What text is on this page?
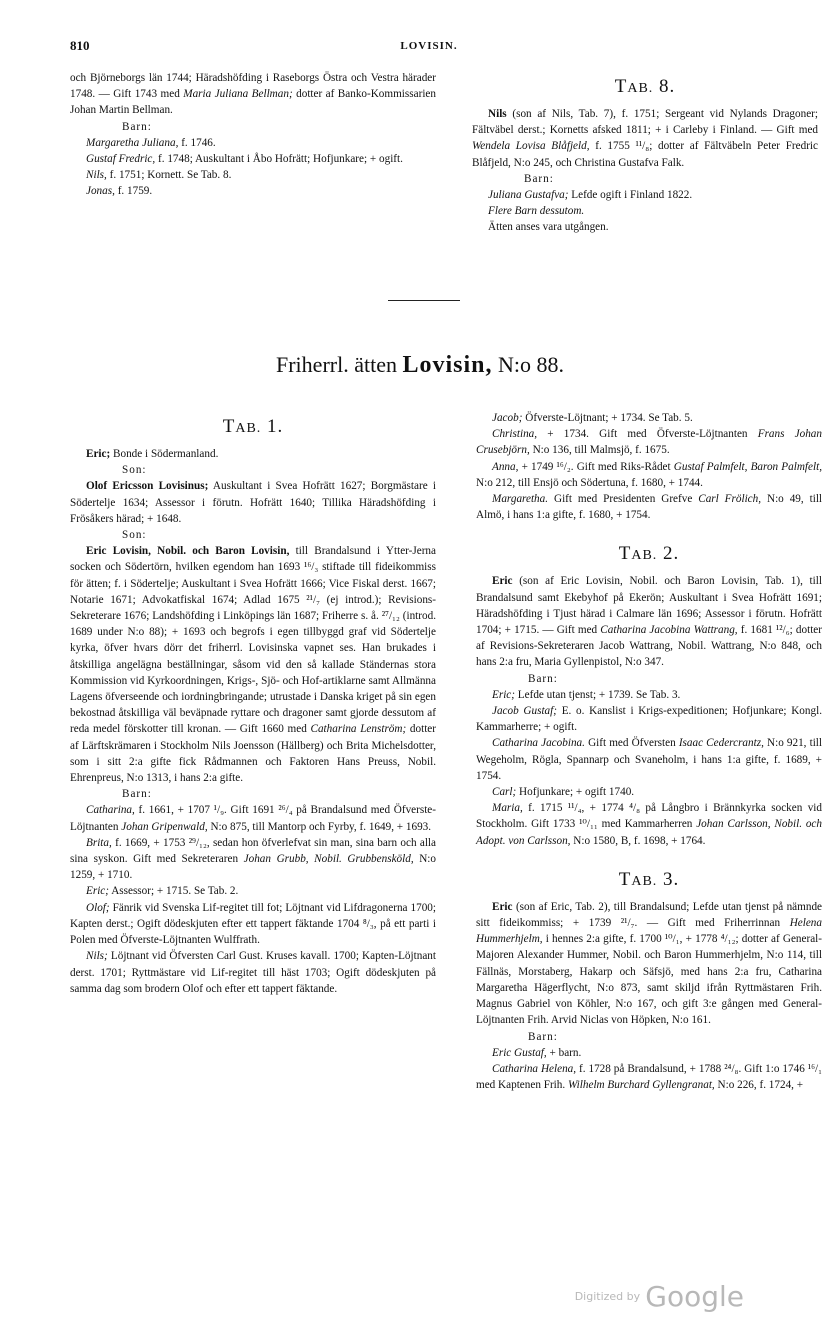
810	LOVISIN.

och Björneborgs län 1744; Häradshöfding i Raseborgs Östra och Vestra härader 1748. — Gift 1743 med Maria Juliana Bellman; dotter af Banko-Kommissarien Johan Martin Bellman.

Barn:

Margaretha Juliana, f. 1746.

Gustaf Fredric, f. 1748; Auskultant i Åbo Hofrätt; Hofjunkare; + ogift.

Nils, f. 1751; Kornett. Se Tab. 8.

Jonas, f. 1759.

TAB. 8.

Nils (son af Nils, Tab. 7), f. 1751; Sergeant vid Nylands Dragoner; Fältväbel derst.; Kornetts afsked 1811; + i Carleby i Finland. — Gift med Wendela Lovisa Blåfjeld, f. 1755 ¹¹/₈; dotter af Fältväbeln Peter Fredric Blåfjeld, N:o 245, och Christina Gustafva Falk.

Barn:

Juliana Gustafva; Lefde ogift i Finland 1822.

Flere Barn dessutom.

Ätten anses vara utgången.

Friherrl. ätten Lovisin, N:o 88.
TAB. 1.

Eric; Bonde i Södermanland.

Son:

Olof Ericsson Lovisinus; Auskultant i Svea Hofrätt 1627; Borgmästare i Södertelje 1634; Assessor i förutn. Hofrätt 1640; Tillika Häradshöfding i Frösåkers härad; + 1648.

Son:

Eric Lovisin, Nobil. och Baron Lovisin, till Brandalsund i Ytter-Jerna socken och Södertörn, hvilken egendom han 1693 ¹⁶/₃ stiftade till fideikommiss för ätten; f. i Södertelje; Auskultant i Svea Hofrätt 1666; Vice Fiskal derst. 1667; Notarie 1671; Advokatfiskal 1674; Adlad 1675 ²¹/₇ (ej introd.); Revisions-Sekreterare 1676; Landshöfding i Linköpings län 1687; Friherre s. å. ²⁷/₁₂ (introd. 1689 under N:o 88); + 1693 och begrofs i egen tillbyggd graf vid Södertelje kyrka, öfver hvars dörr det friherrl. Lovisinska vapnet ses. Han brukades i åtskilliga angelägna beställningar, såsom vid den så kallade Ständernas stora Kommission vid Kyrkoordningen, Krigs-, Sjö- och Hof-artiklarne samt Allmänna Lagens öfverseende och iordningbringande; utrustade i Danska kriget på sin egen bekostnad åtskilliga väl beväpnade ryttare och dragoner samt gjorde dessutom af reda medel förskotter till kronan. — Gift 1660 med Catharina Lenström; dotter af Lärftskrämaren i Stockholm Nils Joensson (Hällberg) och Brita Michelsdotter, som i sitt 2:a gifte fick Rådmannen och Faktoren Hans Preuss, Nobil. Ehrenpreus, N:o 1313, i hans 2:a gifte.

Barn:

Catharina, f. 1661, + 1707 ¹/₉. Gift 1691 ²⁶/₄ på Brandalsund med Öfverste-Löjtnanten Johan Gripenwald, N:o 875, till Mantorp och Fyrby, f. 1649, + 1693.

Brita, f. 1669, + 1753 ²⁹/₁₂, sedan hon öfverlefvat sin man, sina barn och alla sina syskon. Gift med Sekreteraren Johan Grubb, Nobil. Grubbensköld, N:o 1259, + 1710.

Eric; Assessor; + 1715. Se Tab. 2.

Olof; Fänrik vid Svenska Lif-regitet till fot; Löjtnant vid Lifdragonerna 1700; Kapten derst.; Ogift dödeskjuten efter ett tappert fäktande 1704 ⁸/₃, på ett parti i Polen med Öfverste-Löjtnanten Wulffrath.

Nils; Löjtnant vid Öfversten Carl Gust. Kruses kavall. 1700; Kapten-Löjtnant derst. 1701; Ryttmästare vid Lif-regitet till häst 1703; Ogift dödeskjuten på samma dag som brodern Olof och efter ett tappert fäktande.

Jacob; Öfverste-Löjtnant; + 1734. Se Tab. 5.

Christina, + 1734. Gift med Öfverste-Löjtnanten Frans Johan Crusebjörn, N:o 136, till Malmsjö, f. 1675.

Anna, + 1749 ¹⁶/₂. Gift med Riks-Rådet Gustaf Palmfelt, Baron Palmfelt, N:o 212, till Ensjö och Södertuna, f. 1680, + 1744.

Margaretha. Gift med Presidenten Grefve Carl Frölich, N:o 49, till Almö, i hans 1:a gifte, f. 1680, + 1754.

TAB. 2.

Eric (son af Eric Lovisin, Nobil. och Baron Lovisin, Tab. 1), till Brandalsund samt Ekebyhof på Ekerön; Auskultant i Svea Hofrätt 1691; Häradshöfding i Tjust härad i Calmare län 1696; Assessor i förutn. Hofrätt 1704; + 1715. — Gift med Catharina Jacobina Wattrang, f. 1681 ¹²/₆; dotter af Revisions-Sekreteraren Jacob Wattrang, Nobil. Wattrang, N:o 848, och hans 2:a fru, Maria Gyllenpistol, N:o 347.

Barn:

Eric; Lefde utan tjenst; + 1739. Se Tab. 3.

Jacob Gustaf; E. o. Kanslist i Krigs-expeditionen; Hofjunkare; Kongl. Kammarherre; + ogift.

Catharina Jacobina. Gift med Öfversten Isaac Cedercrantz, N:o 921, till Wegeholm, Rögla, Spannarp och Svaneholm, i hans 1:a gifte, f. 1689, + 1754.

Carl; Hofjunkare; + ogift 1740.

Maria, f. 1715 ¹¹/₄, + 1774 ⁴/₈ på Långbro i Brännkyrka socken vid Stockholm. Gift 1733 ¹⁰/₁₁ med Kammarherren Johan Carlsson, Nobil. och Adopt. von Carlsson, N:o 1580, B, f. 1698, + 1764.

TAB. 3.

Eric (son af Eric, Tab. 2), till Brandalsund; Lefde utan tjenst på nämnde sitt fideikommiss; + 1739 ²¹/₇. — Gift med Friherrinnan Helena Hummerhjelm, i hennes 2:a gifte, f. 1700 ¹⁰/₁, + 1778 ⁴/₁₂; dotter af General-Majoren Alexander Hummer, Nobil. och Baron Hummerhjelm, N:o 114, till Fällnäs, Morstaberg, Hakarp och Säfsjö, med hans 2:a fru, Catharina Margaretha Hägerflycht, N:o 873, samt skiljd ifrån Ryttmästaren Frih. Magnus Gabriel von Köhler, N:o 167, och gift 3:e gången med General-Löjtnanten Frih. Arvid Niclas von Höpken, N:o 161.

Barn:

Eric Gustaf, + barn.

Catharina Helena, f. 1728 på Brandalsund, + 1788 ²⁴/₈. Gift 1:o 1746 ¹⁶/₁ med Kaptenen Frih. Wilhelm Burchard Gyllengranat, N:o 226, f. 1724, +

Digitized by Google
